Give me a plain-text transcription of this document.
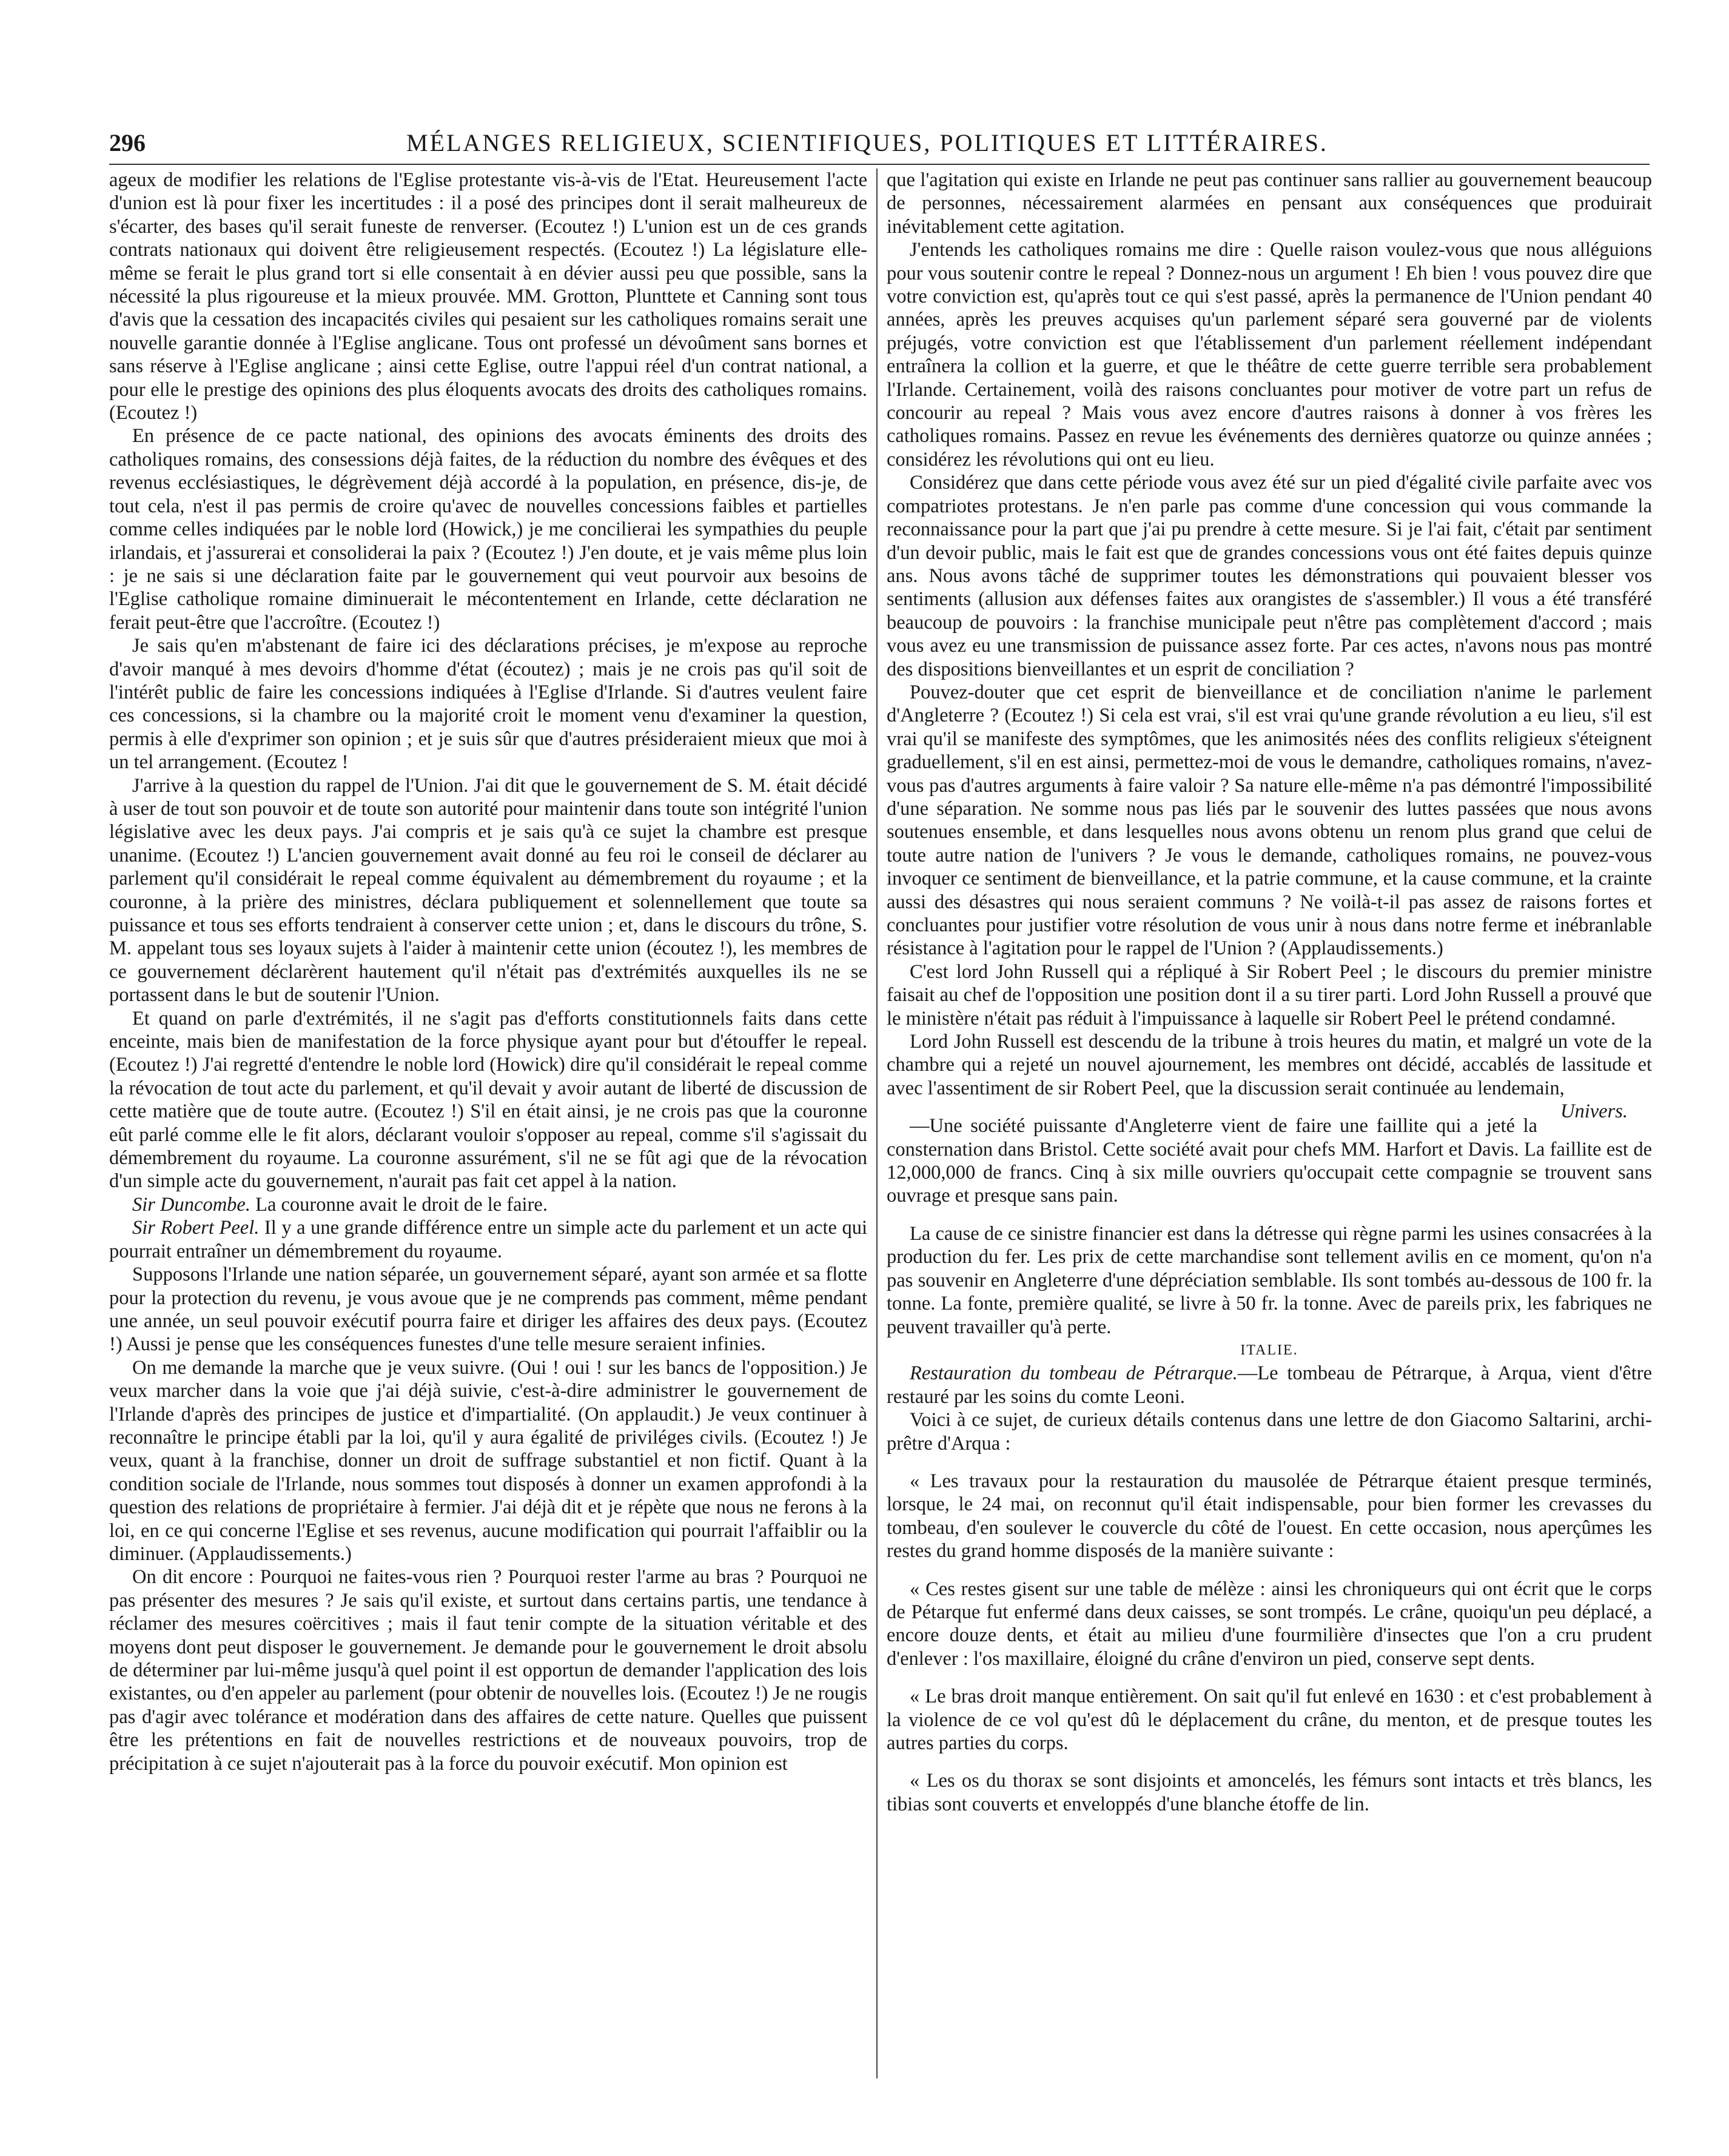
296	MÉLANGES RELIGIEUX, SCIENTIFIQUES, POLITIQUES ET LITTÉRAIRES.

ageux de modifier les relations de l'Eglise protestante vis-à-vis de l'Etat. Heureusement l'acte d'union est là pour fixer les incertitudes : il a posé des principes dont il serait malheureux de s'écarter, des bases qu'il serait funeste de renverser. (Ecoutez !) L'union est un de ces grands contrats nationaux qui doivent être religieusement respectés. (Ecoutez !) La législature elle-même se ferait le plus grand tort si elle consentait à en dévier aussi peu que possible, sans la nécessité la plus rigoureuse et la mieux prouvée. MM. Grotton, Plunttete et Canning sont tous d'avis que la cessation des incapacités civiles qui pesaient sur les catholiques romains serait une nouvelle garantie donnée à l'Eglise anglicane. Tous ont professé un dévoûment sans bornes et sans réserve à l'Eglise anglicane ; ainsi cette Eglise, outre l'appui réel d'un contrat national, a pour elle le prestige des opinions des plus éloquents avocats des droits des catholiques romains. (Ecoutez !)

En présence de ce pacte national, des opinions des avocats éminents des droits des catholiques romains, des consessions déjà faites, de la réduction du nombre des évêques et des revenus ecclésiastiques, le dégrèvement déjà accordé à la population, en présence, dis-je, de tout cela, n'est il pas permis de croire qu'avec de nouvelles concessions faibles et partielles comme celles indiquées par le noble lord (Howick,) je me concilierai les sympathies du peuple irlandais, et j'assurerai et consoliderai la paix ? (Ecoutez !) J'en doute, et je vais même plus loin : je ne sais si une déclaration faite par le gouvernement qui veut pourvoir aux besoins de l'Eglise catholique romaine diminuerait le mécontentement en Irlande, cette déclaration ne ferait peut-être que l'accroître. (Ecoutez !)

Je sais qu'en m'abstenant de faire ici des déclarations précises, je m'expose au reproche d'avoir manqué à mes devoirs d'homme d'état (écoutez) ; mais je ne crois pas qu'il soit de l'intérêt public de faire les concessions indiquées à l'Eglise d'Irlande. Si d'autres veulent faire ces concessions, si la chambre ou la majorité croit le moment venu d'examiner la question, permis à elle d'exprimer son opinion ; et je suis sûr que d'autres présideraient mieux que moi à un tel arrangement. (Ecoutez !

J'arrive à la question du rappel de l'Union. J'ai dit que le gouvernement de S. M. était décidé à user de tout son pouvoir et de toute son autorité pour maintenir dans toute son intégrité l'union législative avec les deux pays. J'ai compris et je sais qu'à ce sujet la chambre est presque unanime. (Ecoutez !) L'ancien gouvernement avait donné au feu roi le conseil de déclarer au parlement qu'il considérait le repeal comme équivalent au démembrement du royaume ; et la couronne, à la prière des ministres, déclara publiquement et solennellement que toute sa puissance et tous ses efforts tendraient à conserver cette union ; et, dans le discours du trône, S. M. appelant tous ses loyaux sujets à l'aider à maintenir cette union (écoutez !), les membres de ce gouvernement déclarèrent hautement qu'il n'était pas d'extrémités auxquelles ils ne se portassent dans le but de soutenir l'Union.

Et quand on parle d'extrémités, il ne s'agit pas d'efforts constitutionnels faits dans cette enceinte, mais bien de manifestation de la force physique ayant pour but d'étouffer le repeal. (Ecoutez !) J'ai regretté d'entendre le noble lord (Howick) dire qu'il considérait le repeal comme la révocation de tout acte du parlement, et qu'il devait y avoir autant de liberté de discussion de cette matière que de toute autre. (Ecoutez !) S'il en était ainsi, je ne crois pas que la couronne eût parlé comme elle le fit alors, déclarant vouloir s'opposer au repeal, comme s'il s'agissait du démembrement du royaume. La couronne assurément, s'il ne se fût agi que de la révocation d'un simple acte du gouvernement, n'aurait pas fait cet appel à la nation.

Sir Duncombe. La couronne avait le droit de le faire.

Sir Robert Peel. Il y a une grande différence entre un simple acte du parlement et un acte qui pourrait entraîner un démembrement du royaume.

Supposons l'Irlande une nation séparée, un gouvernement séparé, ayant son armée et sa flotte pour la protection du revenu, je vous avoue que je ne comprends pas comment, même pendant une année, un seul pouvoir exécutif pourra faire et diriger les affaires des deux pays. (Ecoutez !) Aussi je pense que les conséquences funestes d'une telle mesure seraient infinies.

On me demande la marche que je veux suivre. (Oui ! oui ! sur les bancs de l'opposition.) Je veux marcher dans la voie que j'ai déjà suivie, c'est-à-dire administrer le gouvernement de l'Irlande d'après des principes de justice et d'impartialité. (On applaudit.) Je veux continuer à reconnaître le principe établi par la loi, qu'il y aura égalité de priviléges civils. (Ecoutez !) Je veux, quant à la franchise, donner un droit de suffrage substantiel et non fictif. Quant à la condition sociale de l'Irlande, nous sommes tout disposés à donner un examen approfondi à la question des relations de propriétaire à fermier. J'ai déjà dit et je répète que nous ne ferons à la loi, en ce qui concerne l'Eglise et ses revenus, aucune modification qui pourrait l'affaiblir ou la diminuer. (Applaudissements.)

On dit encore : Pourquoi ne faites-vous rien ? Pourquoi rester l'arme au bras ? Pourquoi ne pas présenter des mesures ? Je sais qu'il existe, et surtout dans certains partis, une tendance à réclamer des mesures coërcitives ; mais il faut tenir compte de la situation véritable et des moyens dont peut disposer le gouvernement. Je demande pour le gouvernement le droit absolu de déterminer par lui-même jusqu'à quel point il est opportun de demander l'application des lois existantes, ou d'en appeler au parlement (pour obtenir de nouvelles lois. (Ecoutez !) Je ne rougis pas d'agir avec tolérance et modération dans des affaires de cette nature. Quelles que puissent être les prétentions en fait de nouvelles restrictions et de nouveaux pouvoirs, trop de précipitation à ce sujet n'ajouterait pas à la force du pouvoir exécutif. Mon opinion est

que l'agitation qui existe en Irlande ne peut pas continuer sans rallier au gouvernement beaucoup de personnes, nécessairement alarmées en pensant aux conséquences que produirait inévitablement cette agitation.

J'entends les catholiques romains me dire : Quelle raison voulez-vous que nous alléguions pour vous soutenir contre le repeal ? Donnez-nous un argument ! Eh bien ! vous pouvez dire que votre conviction est, qu'après tout ce qui s'est passé, après la permanence de l'Union pendant 40 années, après les preuves acquises qu'un parlement séparé sera gouverné par de violents préjugés, votre conviction est que l'établissement d'un parlement réellement indépendant entraînera la collion et la guerre, et que le théâtre de cette guerre terrible sera probablement l'Irlande. Certainement, voilà des raisons concluantes pour motiver de votre part un refus de concourir au repeal ? Mais vous avez encore d'autres raisons à donner à vos frères les catholiques romains. Passez en revue les événements des dernières quatorze ou quinze années ; considérez les révolutions qui ont eu lieu.

Considérez que dans cette période vous avez été sur un pied d'égalité civile parfaite avec vos compatriotes protestans. Je n'en parle pas comme d'une concession qui vous commande la reconnaissance pour la part que j'ai pu prendre à cette mesure. Si je l'ai fait, c'était par sentiment d'un devoir public, mais le fait est que de grandes concessions vous ont été faites depuis quinze ans. Nous avons tâché de supprimer toutes les démonstrations qui pouvaient blesser vos sentiments (allusion aux défenses faites aux orangistes de s'assembler.) Il vous a été transféré beaucoup de pouvoirs : la franchise municipale peut n'être pas complètement d'accord ; mais vous avez eu une transmission de puissance assez forte. Par ces actes, n'avons nous pas montré des dispositions bienveillantes et un esprit de conciliation ?

Pouvez-douter que cet esprit de bienveillance et de conciliation n'anime le parlement d'Angleterre ? (Ecoutez !) Si cela est vrai, s'il est vrai qu'une grande révolution a eu lieu, s'il est vrai qu'il se manifeste des symptômes, que les animosités nées des conflits religieux s'éteignent graduellement, s'il en est ainsi, permettez-moi de vous le demandre, catholiques romains, n'avez-vous pas d'autres arguments à faire valoir ? Sa nature elle-même n'a pas démontré l'impossibilité d'une séparation. Ne somme nous pas liés par le souvenir des luttes passées que nous avons soutenues ensemble, et dans lesquelles nous avons obtenu un renom plus grand que celui de toute autre nation de l'univers ? Je vous le demande, catholiques romains, ne pouvez-vous invoquer ce sentiment de bienveillance, et la patrie commune, et la cause commune, et la crainte aussi des désastres qui nous seraient communs ? Ne voilà-t-il pas assez de raisons fortes et concluantes pour justifier votre résolution de vous unir à nous dans notre ferme et inébranlable résistance à l'agitation pour le rappel de l'Union ? (Applaudissements.)

C'est lord John Russell qui a répliqué à Sir Robert Peel ; le discours du premier ministre faisait au chef de l'opposition une position dont il a su tirer parti. Lord John Russell a prouvé que le ministère n'était pas réduit à l'impuissance à laquelle sir Robert Peel le prétend condamné.

Lord John Russell est descendu de la tribune à trois heures du matin, et malgré un vote de la chambre qui a rejeté un nouvel ajournement, les membres ont décidé, accablés de lassitude et avec l'assentiment de sir Robert Peel, que la discussion serait continuée au lendemain,
Univers.

—Une société puissante d'Angleterre vient de faire une faillite qui a jeté la consternation dans Bristol. Cette société avait pour chefs MM. Harfort et Davis. La faillite est de 12,000,000 de francs. Cinq à six mille ouvriers qu'occupait cette compagnie se trouvent sans ouvrage et presque sans pain.

La cause de ce sinistre financier est dans la détresse qui règne parmi les usines consacrées à la production du fer. Les prix de cette marchandise sont tellement avilis en ce moment, qu'on n'a pas souvenir en Angleterre d'une dépréciation semblable. Ils sont tombés au-dessous de 100 fr. la tonne. La fonte, première qualité, se livre à 50 fr. la tonne. Avec de pareils prix, les fabriques ne peuvent travailler qu'à perte.

ITALIE.

Restauration du tombeau de Pétrarque.—Le tombeau de Pétrarque, à Arqua, vient d'être restauré par les soins du comte Leoni.

Voici à ce sujet, de curieux détails contenus dans une lettre de don Giacomo Saltarini, archi-prêtre d'Arqua :

« Les travaux pour la restauration du mausolée de Pétrarque étaient presque terminés, lorsque, le 24 mai, on reconnut qu'il était indispensable, pour bien former les crevasses du tombeau, d'en soulever le couvercle du côté de l'ouest. En cette occasion, nous aperçûmes les restes du grand homme disposés de la manière suivante :

« Ces restes gisent sur une table de mélèze : ainsi les chroniqueurs qui ont écrit que le corps de Pétarque fut enfermé dans deux caisses, se sont trompés. Le crâne, quoiqu'un peu déplacé, a encore douze dents, et était au milieu d'une fourmilière d'insectes que l'on a cru prudent d'enlever : l'os maxillaire, éloigné du crâne d'environ un pied, conserve sept dents.

« Le bras droit manque entièrement. On sait qu'il fut enlevé en 1630 : et c'est probablement à la violence de ce vol qu'est dû le déplacement du crâne, du menton, et de presque toutes les autres parties du corps.

« Les os du thorax se sont disjoints et amoncelés, les fémurs sont intacts et très blancs, les tibias sont couverts et enveloppés d'une blanche étoffe de lin.
